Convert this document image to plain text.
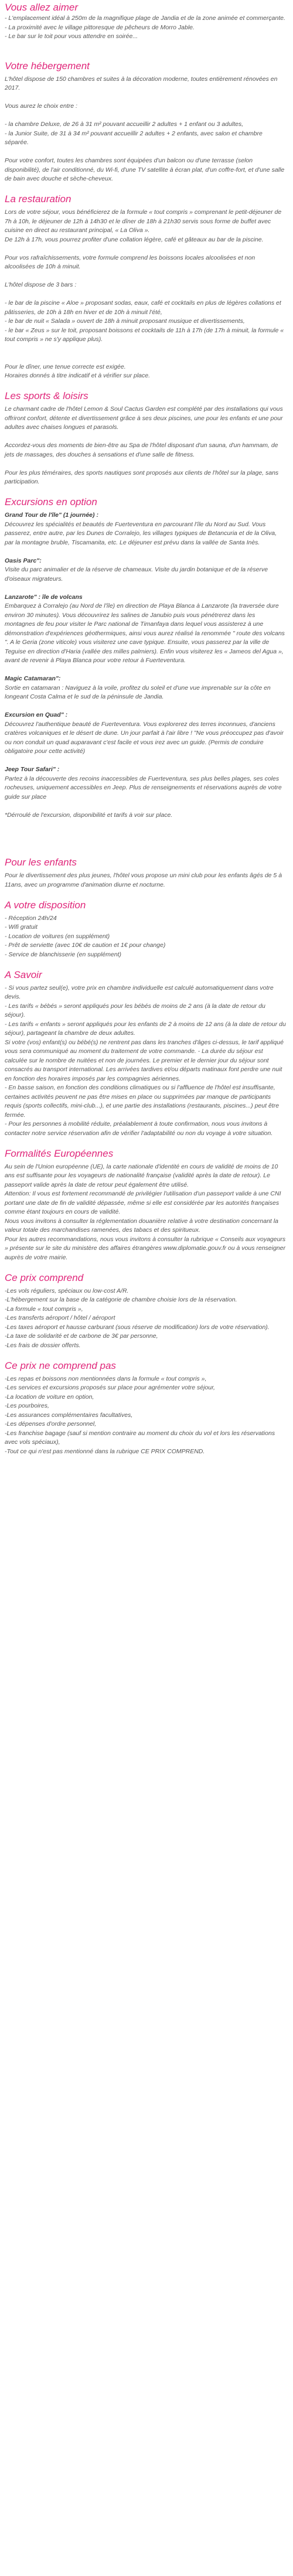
Vous allez aimer

- L'emplacement idéal à 250m de la magnifique plage de Jandia et de la zone animée et commerçante.

- La proximité avec le village pittoresque de pêcheurs de Morro Jable.

- Le bar sur le toit pour vous attendre en soirée...

Votre hébergement

L'hôtel dispose de 150 chambres et suites à la décoration moderne, toutes entièrement rénovées en 2017.

Vous aurez le choix entre :

- la chambre Deluxe, de 26 à 31 m² pouvant accueillir 2 adultes + 1 enfant ou 3 adultes,

- la Junior Suite, de 31 à 34 m² pouvant accueillir 2 adultes + 2 enfants, avec salon et chambre séparée.

Pour votre confort, toutes les chambres sont équipées d'un balcon ou d'une terrasse (selon disponibilité), de l'air conditionné, du Wi-fi, d'une TV satellite à écran plat, d'un coffre-fort, et d'une salle de bain avec douche et sèche-cheveux.

La restauration

Lors de votre séjour, vous bénéficierez de la formule « tout compris » comprenant le petit-déjeuner de 7h à 10h, le déjeuner de 12h à 14h30 et le dîner de 18h à 21h30 servis sous forme de buffet avec cuisine en direct au restaurant principal, « La Oliva ».

De 12h à 17h, vous pourrez profiter d'une collation légère, café et gâteaux au bar de la piscine.

Pour vos rafraîchissements, votre formule comprend les boissons locales alcoolisées et non alcoolisées de 10h à minuit.

L'hôtel dispose de 3 bars :

- le bar de la piscine « Aloe » proposant sodas, eaux, café et cocktails en plus de légères collations et pâtisseries, de 10h à 18h en hiver et de 10h à minuit l'été,

- le bar de nuit « Salada » ouvert de 18h à minuit proposant musique et divertissements,

- le bar « Zeus » sur le toit, proposant boissons et cocktails de 11h à 17h (de 17h à minuit, la formule « tout compris » ne s'y applique plus).

Pour le dîner, une tenue correcte est exigée.

Horaires donnés à titre indicatif et à vérifier sur place.

Les sports & loisirs

Le charmant cadre de l'hôtel Lemon & Soul Cactus Garden est complété par des installations qui vous offriront confort, détente et divertissement grâce à ses deux piscines, une pour les enfants et une pour adultes avec chaises longues et parasols.

Accordez-vous des moments de bien-être au Spa de l'hôtel disposant d'un sauna, d'un hammam, de jets de massages, des douches à sensations et d'une salle de fitness.

Pour les plus téméraires, des sports nautiques sont proposés aux clients de l'hôtel sur la plage, sans participation.

Excursions en option

Grand Tour de l'île" (1 journée) :

Découvrez les spécialités et beautés de Fuerteventura en parcourant l'île du Nord au Sud. Vous passerez, entre autre, par les Dunes de Corralejo, les villages typiques de Betancuria et de la Oliva, par la montagne bruble, Tiscamanita, etc. Le déjeuner est prévu dans la vallée de Santa Inès.

Oasis Parc":

Visite du parc animalier et de la réserve de chameaux. Visite du jardin botanique et de la réserve d'oiseaux migrateurs.

Lanzarote" : île de volcans

Embarquez à Corralejo (au Nord de l'île) en direction de Playa Blanca à Lanzarote (la traversée dure environ 30 minutes). Vous découvrirez les salines de Janubio puis vous pénétrerez dans les montagnes de feu pour visiter le Parc national de Timanfaya dans lequel vous assisterez à une démonstration d'expériences géothermiques, ainsi vous aurez réalisé la renommée " route des volcans ". A le Geria (zone viticole) vous visiterez une cave typique. Ensuite, vous passerez par la ville de Teguise en direction d'Haria (vallée des milles palmiers). Enfin vous visiterez les « Jameos del Agua », avant de revenir à Playa Blanca pour votre retour à Fuerteventura.

Magic Catamaran":

Sortie en catamaran : Naviguez à la voile, profitez du soleil et d'une vue imprenable sur la côte en longeant Costa Calma et le sud de la péninsule de Jandia.

Excursion en Quad" :

Découvrez l'authentique beauté de Fuerteventura. Vous explorerez des terres inconnues, d'anciens cratères volcaniques et le désert de dune. Un jour parfait à l'air libre ! "Ne vous préoccupez pas d'avoir ou non conduit un quad auparavant c'est facile et vous irez avec un guide. (Permis de conduire obligatoire pour cette activité)

Jeep Tour Safari" :

Partez à la découverte des recoins inaccessibles de Fuerteventura, ses plus belles plages, ses coles rocheuses, uniquement accessibles en Jeep. Plus de renseignements et réservations auprès de votre guide sur place

*Dérroulé de l'excursion, disponibilité et tarifs à voir sur place.

Pour les enfants

Pour le divertissement des plus jeunes, l'hôtel vous propose un mini club pour les enfants âgés de 5 à 11ans, avec un programme d'animation diurne et nocturne.

A votre disposition

- Réception 24h/24

- Wifi gratuit

- Location de voitures (en supplément)

- Prêt de serviette (avec 10€ de caution et 1€ pour change)

- Service de blanchisserie (en supplément)

A Savoir

- Si vous partez seul(e), votre prix en chambre individuelle est calculé automatiquement dans votre devis.

- Les tarifs « bébés » seront appliqués pour les bébés de moins de 2 ans (à la date de retour du séjour).

- Les tarifs « enfants » seront appliqués pour les enfants de 2 à moins de 12 ans (à la date de retour du séjour), partageant la chambre de deux adultes.

Si votre (vos) enfant(s) ou bébé(s) ne rentrent pas dans les tranches d'âges ci-dessus, le tarif appliqué vous sera communiqué au moment du traitement de votre commande. - La durée du séjour est calculée sur le nombre de nuitées et non de journées. Le premier et le dernier jour du séjour sont consacrés au transport international. Les arrivées tardives et/ou départs matinaux font perdre une nuit en fonction des horaires imposés par les compagnies aériennes.

- En basse saison, en fonction des conditions climatiques ou si l'affluence de l'hôtel est insuffisante, certaines activités peuvent ne pas être mises en place ou supprimées par manque de participants requis (sports collectifs, mini-club...), et une partie des installations (restaurants, piscines...) peut être fermée.

- Pour les personnes à mobilité réduite, préalablement à toute confirmation, nous vous invitons à contacter notre service réservation afin de vérifier l'adaptabilité ou non du voyage à votre situation.

Formalités Européennes

Au sein de l'Union européenne (UE), la carte nationale d'identité en cours de validité de moins de 10 ans est suffisante pour les voyageurs de nationalité française (validité après la date de retour). Le passeport valide après la date de retour peut également être utilisé.

Attention: Il vous est fortement recommandé de privilégier l'utilisation d'un passeport valide à une CNI portant une date de fin de validité dépassée, même si elle est considérée par les autorités françaises comme étant toujours en cours de validité.

Nous vous invitons à consulter la réglementation douanière relative à votre destination concernant la valeur totale des marchandises ramenées, des tabacs et des spiritueux.

Pour les autres recommandations, nous vous invitons à consulter la rubrique « Conseils aux voyageurs » présente sur le site du ministère des affaires étrangères www.diplomatie.gouv.fr ou à vous renseigner auprès de votre mairie.

Ce prix comprend

-Les vols réguliers, spéciaux ou low-cost A/R.

-L'hébergement sur la base de la catégorie de chambre choisie lors de la réservation.

-La formule « tout compris »,

-Les transferts aéroport / hôtel / aéroport

-Les taxes aéroport et hausse carburant (sous réserve de modification) lors de votre réservation).

-La taxe de solidarité et de carbone de 3€ par personne,

-Les frais de dossier offerts.

Ce prix ne comprend pas

-Les repas et boissons non mentionnées dans la formule « tout compris »,

-Les services et excursions proposés sur place pour agrémenter votre séjour,

-La location de voiture en option,

-Les pourboires,

-Les assurances complémentaires facultatives,

-Les dépenses d'ordre personnel,

-Les franchise bagage (sauf si mention contraire au moment du choix du vol et lors les réservations avec vols spéciaux),

-Tout ce qui n'est pas mentionné dans la rubrique CE PRIX COMPREND.
